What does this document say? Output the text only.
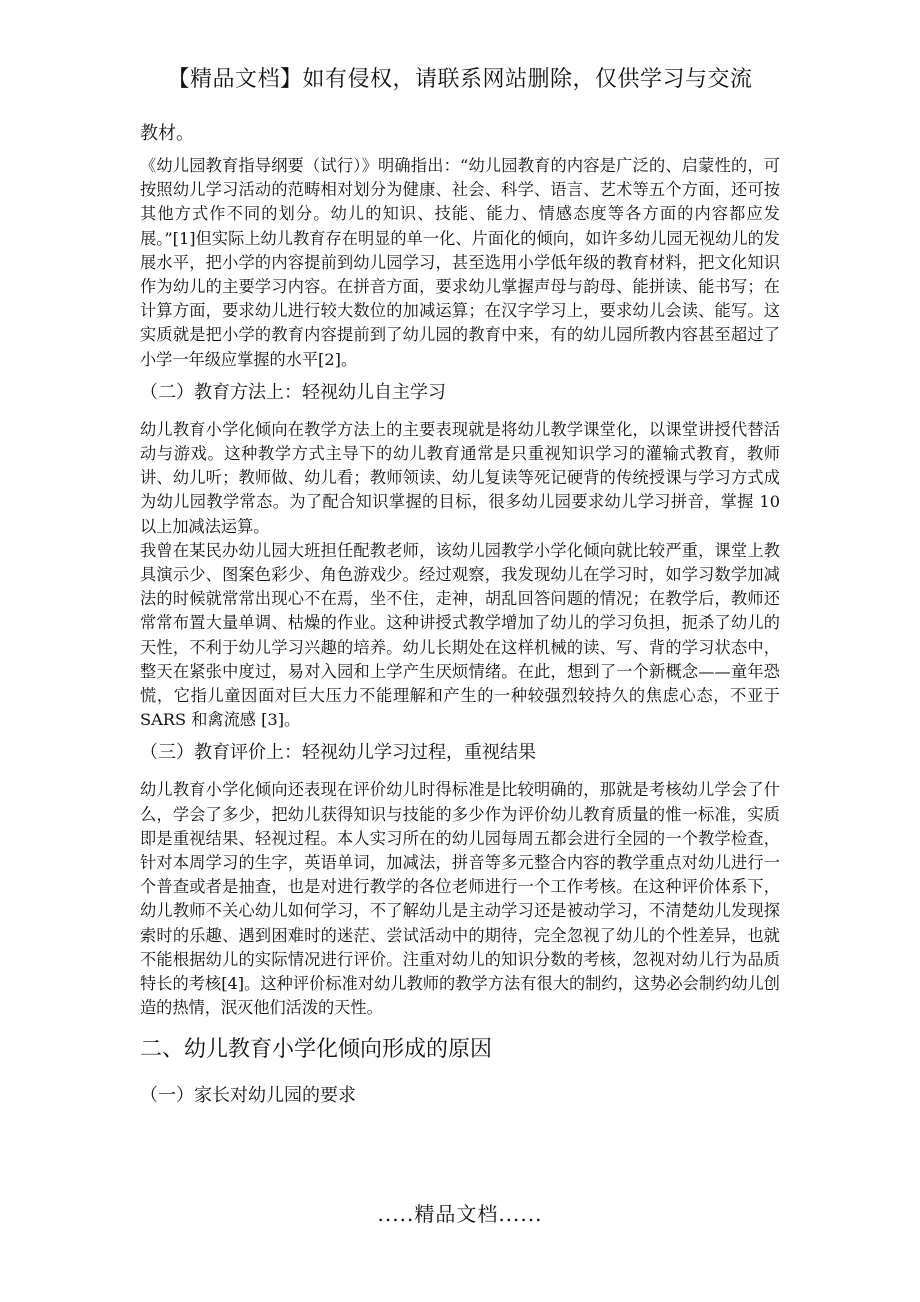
【精品文档】如有侵权，请联系网站删除，仅供学习与交流

教材。

《幼儿园教育指导纲要（试行）》明确指出：“幼儿园教育的内容是广泛的、启蒙性的，可按照幼儿学习活动的范畴相对划分为健康、社会、科学、语言、艺术等五个方面，还可按其他方式作不同的划分。幼儿的知识、技能、能力、情感态度等各方面的内容都应发展。”[1]但实际上幼儿教育存在明显的单一化、片面化的倾向，如许多幼儿园无视幼儿的发展水平，把小学的内容提前到幼儿园学习，甚至选用小学低年级的教育材料，把文化知识作为幼儿的主要学习内容。在拼音方面，要求幼儿掌握声母与韵母、能拼读、能书写；在计算方面，要求幼儿进行较大数位的加减运算；在汉字学习上，要求幼儿会读、能写。这实质就是把小学的教育内容提前到了幼儿园的教育中来，有的幼儿园所教内容甚至超过了小学一年级应掌握的水平[2]。

（二）教育方法上：轻视幼儿自主学习

幼儿教育小学化倾向在教学方法上的主要表现就是将幼儿教学课堂化，以课堂讲授代替活动与游戏。这种教学方式主导下的幼儿教育通常是只重视知识学习的灌输式教育，教师讲、幼儿听；教师做、幼儿看；教师领读、幼儿复读等死记硬背的传统授课与学习方式成为幼儿园教学常态。为了配合知识掌握的目标，很多幼儿园要求幼儿学习拼音，掌握 10 以上加减法运算。

我曾在某民办幼儿园大班担任配教老师，该幼儿园教学小学化倾向就比较严重，课堂上教具演示少、图案色彩少、角色游戏少。经过观察，我发现幼儿在学习时，如学习数学加减法的时候就常常出现心不在焉，坐不住，走神，胡乱回答问题的情况；在教学后，教师还常常布置大量单调、枯燥的作业。这种讲授式教学增加了幼儿的学习负担，扼杀了幼儿的天性，不利于幼儿学习兴趣的培养。幼儿长期处在这样机械的读、写、背的学习状态中，整天在紧张中度过，易对入园和上学产生厌烦情绪。在此，想到了一个新概念——童年恐慌，它指儿童因面对巨大压力不能理解和产生的一种较强烈较持久的焦虑心态，不亚于 SARS 和禽流感 [3]。

（三）教育评价上：轻视幼儿学习过程，重视结果

幼儿教育小学化倾向还表现在评价幼儿时得标准是比较明确的，那就是考核幼儿学会了什么，学会了多少，把幼儿获得知识与技能的多少作为评价幼儿教育质量的惟一标准，实质即是重视结果、轻视过程。本人实习所在的幼儿园每周五都会进行全园的一个教学检查，针对本周学习的生字，英语单词，加减法，拼音等多元整合内容的教学重点对幼儿进行一个普查或者是抽查，也是对进行教学的各位老师进行一个工作考核。在这种评价体系下，幼儿教师不关心幼儿如何学习，不了解幼儿是主动学习还是被动学习，不清楚幼儿发现探索时的乐趣、遇到困难时的迷茫、尝试活动中的期待，完全忽视了幼儿的个性差异，也就不能根据幼儿的实际情况进行评价。注重对幼儿的知识分数的考核，忽视对幼儿行为品质特长的考核[4]。这种评价标准对幼儿教师的教学方法有很大的制约，这势必会制约幼儿创造的热情，泯灭他们活泼的天性。

二、幼儿教育小学化倾向形成的原因
（一）家长对幼儿园的要求
.....精品文档......
